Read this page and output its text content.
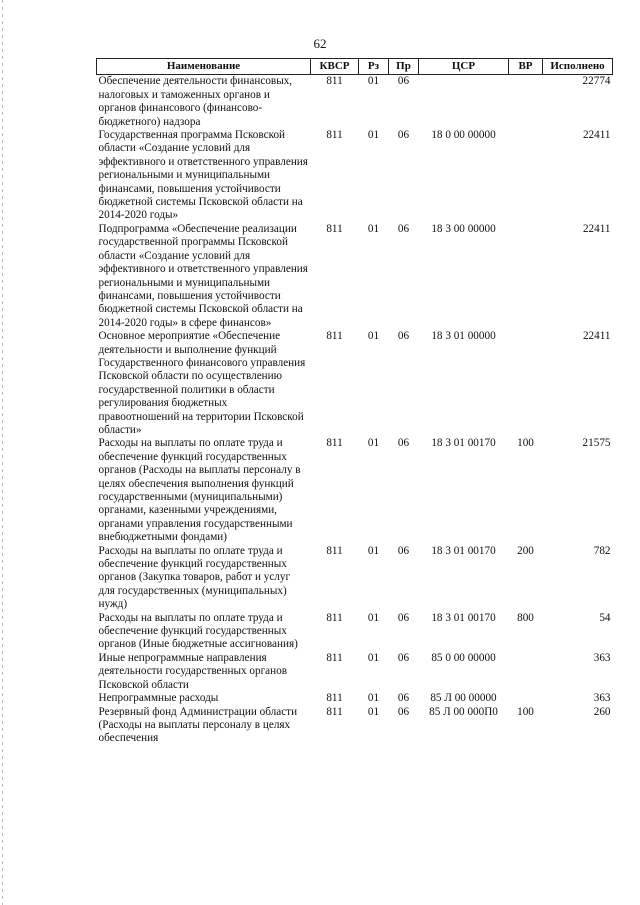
62
Наименование	КВСР	Рз	Пр	ЦСР	ВР	Исполнено
Обеспечение деятельности финансовых, налоговых и таможенных органов и органов финансового (финансово-бюджетного) надзора	811	01	06			22774
Государственная программа Псковской области «Создание условий для эффективного и ответственного управления региональными и муниципальными финансами, повышения устойчивости бюджетной системы Псковской области на 2014-2020 годы»	811	01	06	18 0 00 00000		22411
Подпрограмма «Обеспечение реализации государственной программы Псковской области «Создание условий для эффективного и ответственного управления региональными и муниципальными финансами, повышения устойчивости бюджетной системы Псковской области на 2014-2020 годы» в сфере финансов»	811	01	06	18 3 00 00000		22411
Основное мероприятие «Обеспечение деятельности и выполнение функций Государственного финансового управления Псковской области по осуществлению государственной политики в области регулирования бюджетных правоотношений на территории Псковской области»	811	01	06	18 3 01 00000		22411
Расходы на выплаты по оплате труда и обеспечение функций государственных органов (Расходы на выплаты персоналу в целях обеспечения выполнения функций государственными (муниципальными) органами, казенными учреждениями, органами управления государственными внебюджетными фондами)	811	01	06	18 3 01 00170	100	21575
Расходы на выплаты по оплате труда и обеспечение функций государственных органов (Закупка товаров, работ и услуг для государственных (муниципальных) нужд)	811	01	06	18 3 01 00170	200	782
Расходы на выплаты по оплате труда и обеспечение функций государственных органов (Иные бюджетные ассигнования)	811	01	06	18 3 01 00170	800	54
Иные непрограммные направления деятельности государственных органов Псковской области	811	01	06	85 0 00 00000		363
Непрограммные расходы	811	01	06	85 Л 00 00000		363
Резервный фонд Администрации области (Расходы на выплаты персоналу в целях обеспечения	811	01	06	85 Л 00 000П0	100	260
